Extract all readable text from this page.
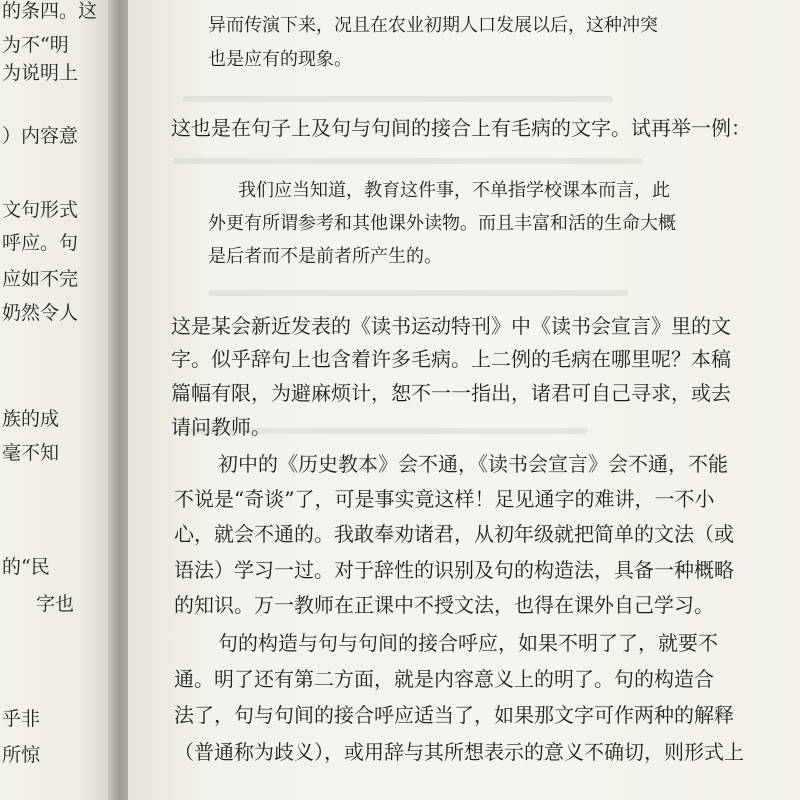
的条四。这
为不“明
为说明上
）内容意
文句形式
呼应。句
应如不完
奶然令人
族的成
毫不知
的“民
字也
乎非
所惊
异而传演下来，况且在农业初期人口发展以后，这种冲突
也是应有的现象。
这也是在句子上及句与句间的接合上有毛病的文字。试再举一例：
我们应当知道，教育这件事，不单指学校课本而言，此
外更有所谓参考和其他课外读物。而且丰富和活的生命大概
是后者而不是前者所产生的。
这是某会新近发表的《读书运动特刊》中《读书会宣言》里的文
字。似乎辞句上也含着许多毛病。上二例的毛病在哪里呢？本稿
篇幅有限，为避麻烦计，恕不一一指出，诸君可自己寻求，或去
请问教师。
初中的《历史教本》会不通，《读书会宣言》会不通，不能
不说是“奇谈”了，可是事实竟这样！足见通字的难讲，一不小
心，就会不通的。我敢奉劝诸君，从初年级就把简单的文法（或
语法）学习一过。对于辞性的识别及句的构造法，具备一种概略
的知识。万一教师在正课中不授文法，也得在课外自己学习。
句的构造与句与句间的接合呼应，如果不明了了，就要不
通。明了还有第二方面，就是内容意义上的明了。句的构造合
法了，句与句间的接合呼应适当了，如果那文字可作两种的解释
（普通称为歧义），或用辞与其所想表示的意义不确切，则形式上
